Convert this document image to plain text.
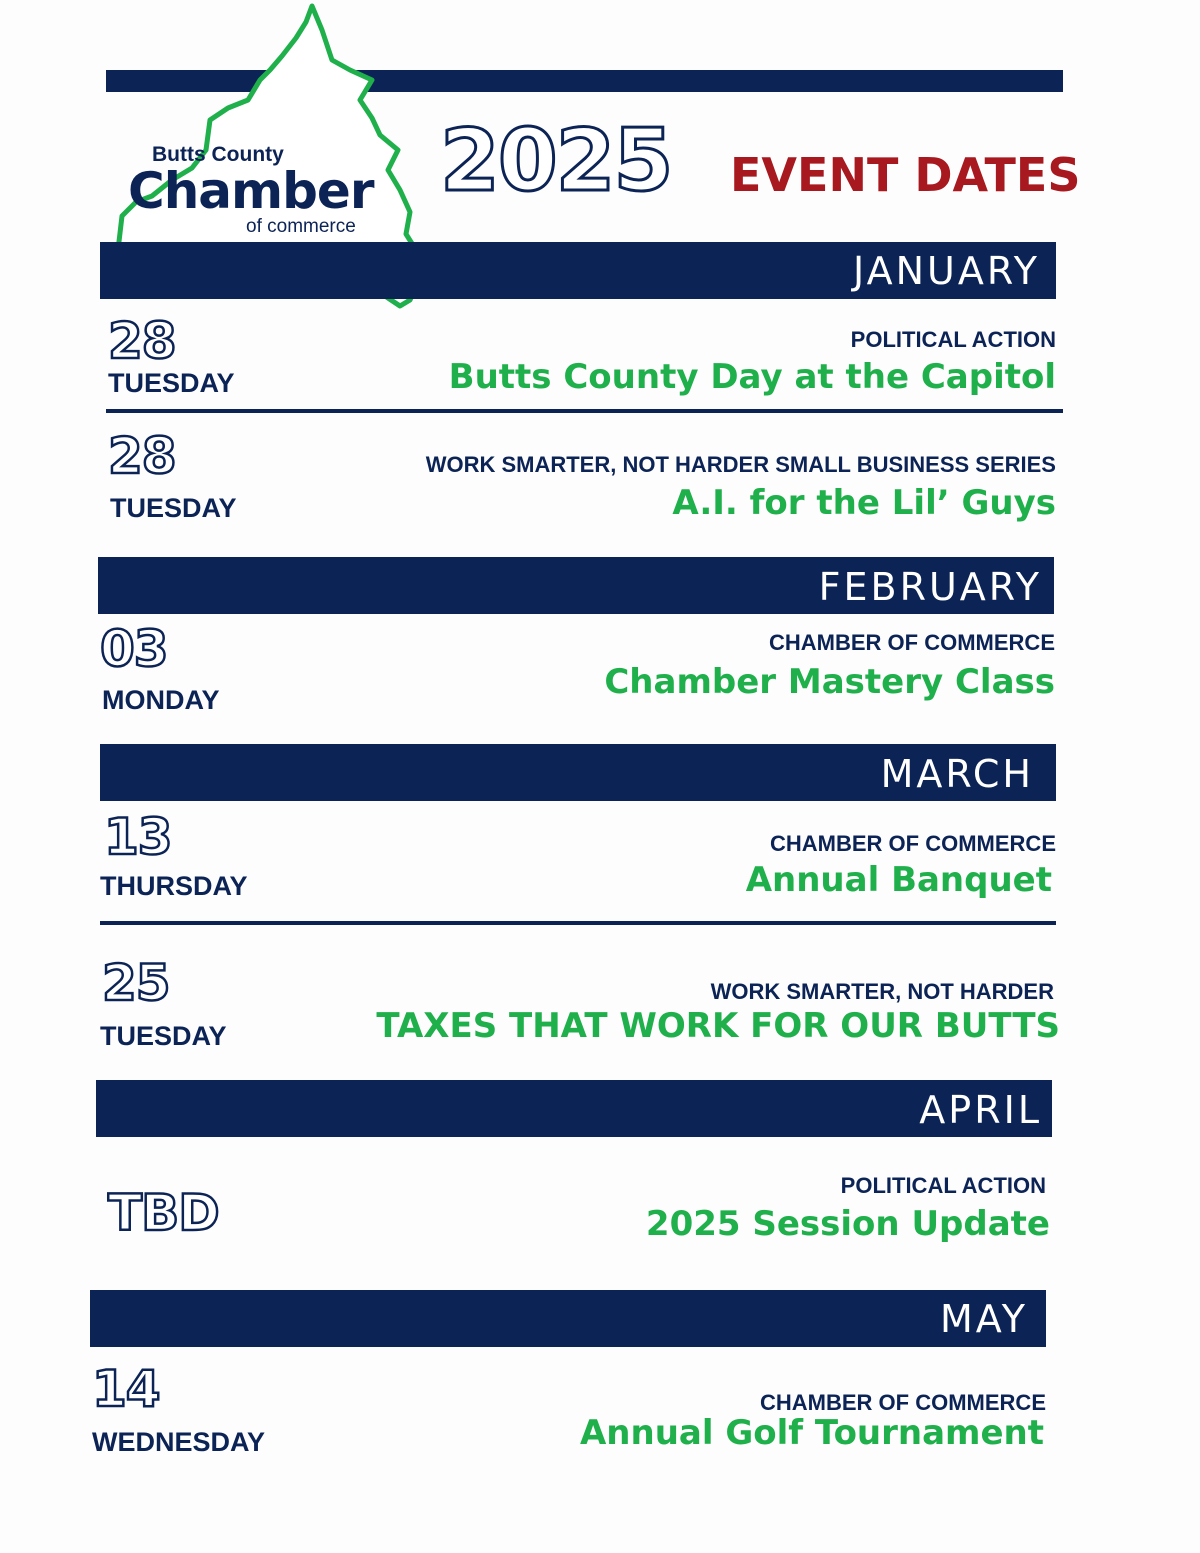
Butts County
Chamber
of commerce
2025 EVENT DATES
JANUARY
28
TUESDAY
POLITICAL ACTION
Butts County Day at the Capitol
28
TUESDAY
WORK SMARTER, NOT HARDER SMALL BUSINESS SERIES
A.I. for the Lil’ Guys
FEBRUARY
03
MONDAY
CHAMBER OF COMMERCE
Chamber Mastery Class
MARCH
13
THURSDAY
CHAMBER OF COMMERCE
Annual Banquet
25
TUESDAY
WORK SMARTER, NOT HARDER
TAXES THAT WORK FOR OUR BUTTS
APRIL
TBD	POLITICAL ACTION
2025 Session Update
MAY
14
WEDNESDAY
CHAMBER OF COMMERCE
Annual Golf Tournament
